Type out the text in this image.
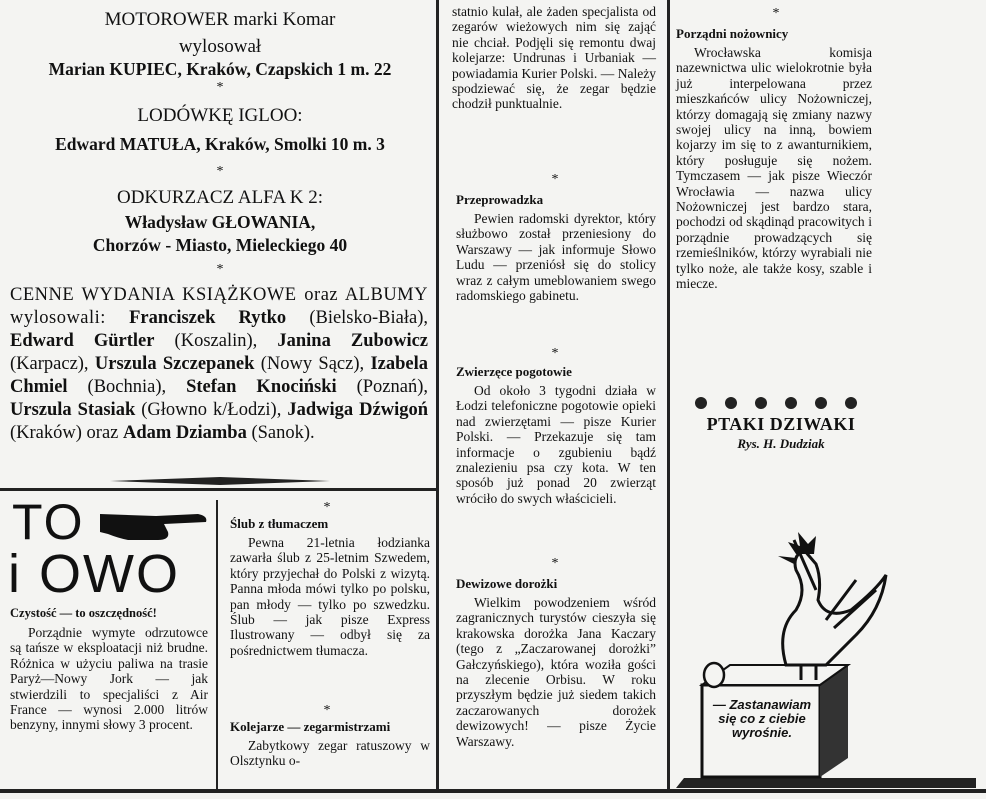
MOTOROWER marki Komar
wylosował
Marian KUPIEC, Kraków, Czapskich 1 m. 22
*
LODÓWKĘ IGLOO:
Edward MATUŁA, Kraków, Smolki 10 m. 3
*
ODKURZACZ ALFA K 2:
Władysław GŁOWANIA,
Chorzów - Miasto, Mieleckiego 40
*
CENNE WYDANIA KSIĄŻKOWE oraz ALBUMY wylosowali: Franciszek Rytko (Bielsko-Biała), Edward Gürtler (Koszalin), Janina Zubowicz (Karpacz), Urszula Szczepanek (Nowy Sącz), Izabela Chmiel (Bochnia), Stefan Knociński (Poznań), Urszula Stasiak (Głowno k/Łodzi), Jadwiga Dźwigoń (Kraków) oraz Adam Dziamba (Sanok).
TO
i OWO
Czystość — to oszczędność!
Porządnie wymyte odrzutowce są tańsze w eksploatacji niż brudne. Różnica w użyciu paliwa na trasie Paryż—Nowy Jork — jak stwierdzili to specjaliści z Air France — wynosi 2.000 litrów benzyny, innymi słowy 3 procent.
*
Ślub z tłumaczem
Pewna 21-letnia łodzianka zawarła ślub z 25-letnim Szwedem, który przyjechał do Polski z wizytą. Panna młoda mówi tylko po polsku, pan młody — tylko po szwedzku. Ślub — jak pisze Express Ilustrowany — odbył się za pośrednictwem tłumacza.
*
Kolejarze — zegarmistrzami
Zabytkowy zegar ratuszowy w Olsztynku o-
statnio kulał, ale żaden specjalista od zegarów wieżowych nim się zająć nie chciał. Podjęli się remontu dwaj kolejarze: Undrunas i Urbaniak — powiadamia Kurier Polski. — Należy spodziewać się, że zegar będzie chodził punktualnie.
*
Przeprowadzka
Pewien radomski dyrektor, który służbowo został przeniesiony do Warszawy — jak informuje Słowo Ludu — przeniósł się do stolicy wraz z całym umeblowaniem swego radomskiego gabinetu.
*
Zwierzęce pogotowie
Od około 3 tygodni działa w Łodzi telefoniczne pogotowie opieki nad zwierzętami — pisze Kurier Polski. — Przekazuje się tam informacje o zgubieniu bądź znalezieniu psa czy kota. W ten sposób już ponad 20 zwierząt wróciło do swych właścicieli.
*
Dewizowe dorożki
Wielkim powodzeniem wśród zagranicznych turystów cieszyła się krakowska dorożka Jana Kaczary (tego z „Zaczarowanej dorożki” Gałczyńskiego), która woziła gości na zlecenie Orbisu. W roku przyszłym będzie już siedem takich zaczarowanych dorożek dewizowych! — pisze Życie Warszawy.
*
Porządni nożownicy
Wrocławska komisja nazewnictwa ulic wielokrotnie była już interpelowana przez mieszkańców ulicy Nożowniczej, którzy domagają się zmiany nazwy swojej ulicy na inną, bowiem kojarzy im się to z awanturnikiem, który posługuje się nożem. Tymczasem — jak pisze Wieczór Wrocławia — nazwa ulicy Nożowniczej jest bardzo stara, pochodzi od skądinąd pracowitych i porządnie prowadzących się rzemieślników, którzy wyrabiali nie tylko noże, ale także kosy, szable i miecze.
PTAKI DZIWAKI
Rys. H. Dudziak
— Zastanawiam się co z ciebie wyrośnie.
